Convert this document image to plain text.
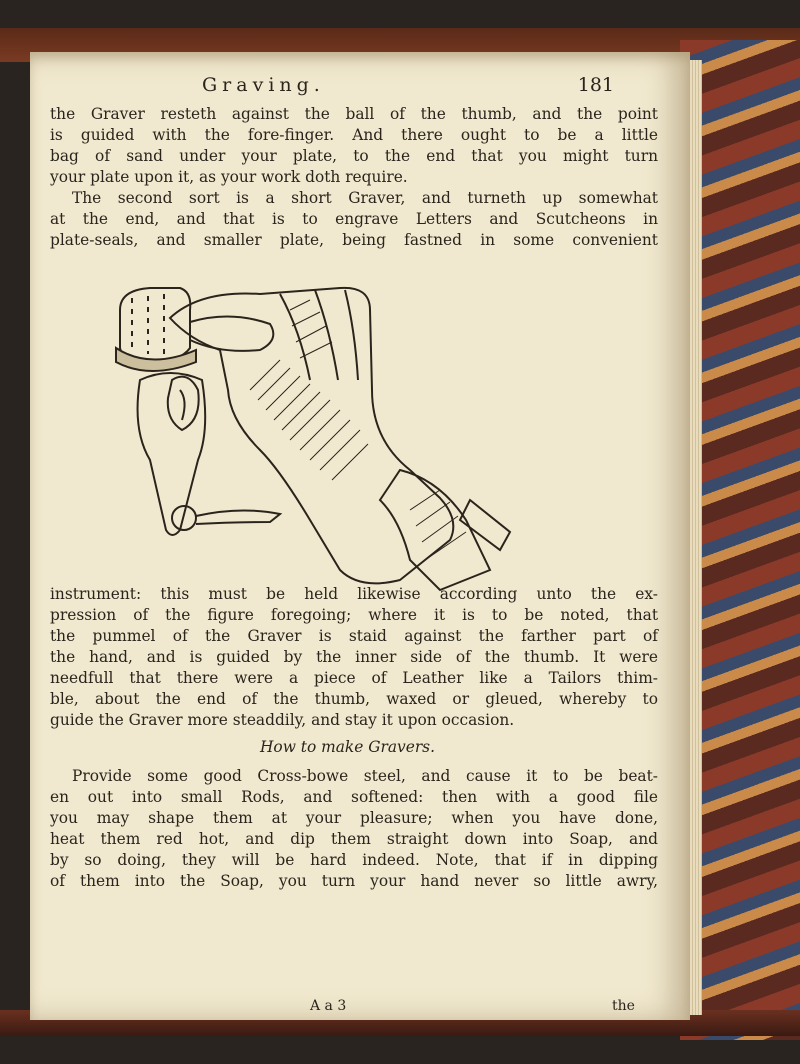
Graving.	181
the Graver resteth against the ball of the thumb, and the point
is guided with the fore-finger. And there ought to be a little
bag of sand under your plate, to the end that you might turn
your plate upon it, as your work doth require.
The second sort is a short Graver, and turneth up somewhat
at the end, and that is to engrave Letters and Scutcheons in
plate-seals, and smaller plate, being fastned in some convenient
instrument: this must be held likewise according unto the ex-
pression of the figure foregoing; where it is to be noted, that
the pummel of the Graver is staid against the farther part of
the hand, and is guided by the inner side of the thumb. It were
needfull that there were a piece of Leather like a Tailors thim-
ble, about the end of the thumb, waxed or gleued, whereby to
guide the Graver more steaddily, and stay it upon occasion.
How to make Gravers.
Provide some good Cross-bowe steel, and cause it to be beat-
en out into small Rods, and softened: then with a good file
you may shape them at your pleasure; when you have done,
heat them red hot, and dip them straight down into Soap, and
by so doing, they will be hard indeed. Note, that if in dipping
of them into the Soap, you turn your hand never so little awry,
A a 3	the
